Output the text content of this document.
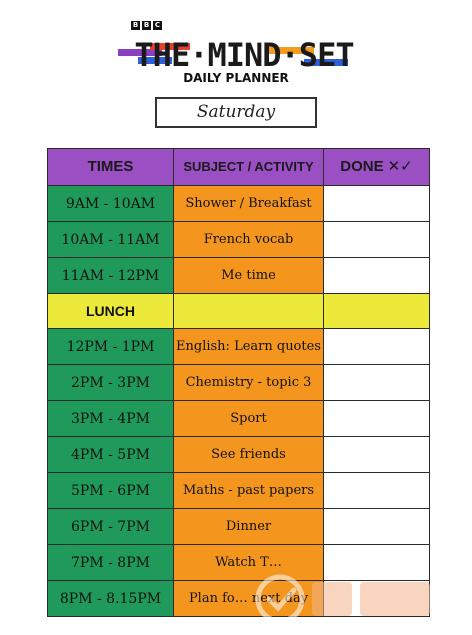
B B C
THE·MIND·SET
DAILY PLANNER
Saturday
TIMES	SUBJECT / ACTIVITY	DONE ✕✓
9AM - 10AM	Shower / Breakfast	
10AM - 11AM	French vocab	
11AM - 12PM	Me time	
LUNCH		
12PM - 1PM	English: Learn quotes	
2PM - 3PM	Chemistry - topic 3	
3PM - 4PM	Sport	
4PM - 5PM	See friends	
5PM - 6PM	Maths - past papers	
6PM - 7PM	Dinner	
7PM - 8PM	Watch T…	
8PM - 8.15PM	Plan fo… next day	
